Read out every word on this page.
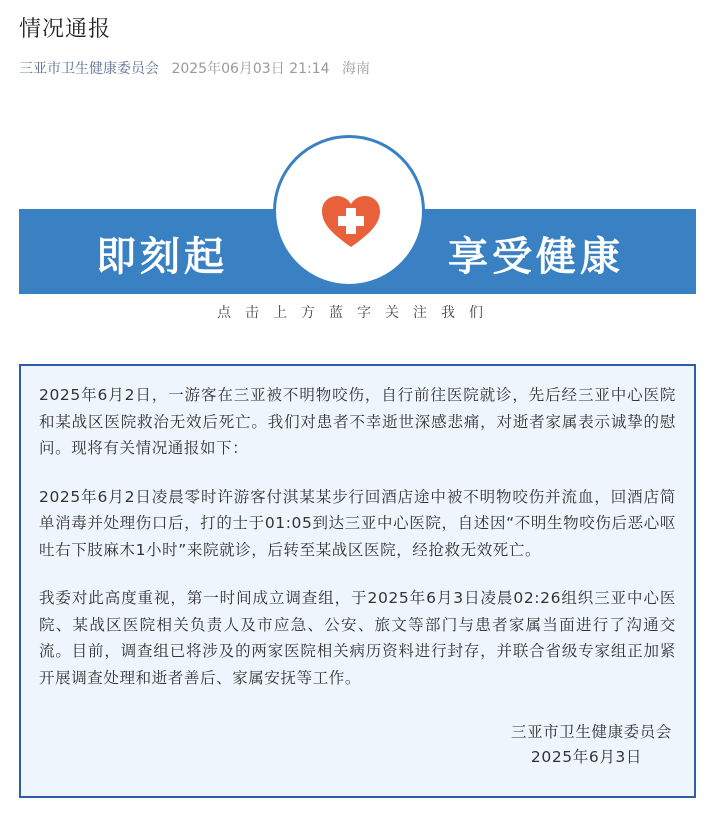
情况通报
三亚市卫生健康委员会 2025年06月03日 21:14 海南
即刻起	享受健康
点击上方蓝字关注我们

2025年6月2日，一游客在三亚被不明物咬伤，自行前往医院就诊，先后经三亚中心医院和某战区医院救治无效后死亡。我们对患者不幸逝世深感悲痛，对逝者家属表示诚挚的慰问。现将有关情况通报如下：

2025年6月2日凌晨零时许游客付淇某某步行回酒店途中被不明物咬伤并流血，回酒店简单消毒并处理伤口后，打的士于01:05到达三亚中心医院，自述因“不明生物咬伤后恶心呕吐右下肢麻木1小时”来院就诊，后转至某战区医院，经抢救无效死亡。

我委对此高度重视，第一时间成立调查组，于2025年6月3日凌晨02:26组织三亚中心医院、某战区医院相关负责人及市应急、公安、旅文等部门与患者家属当面进行了沟通交流。目前，调查组已将涉及的两家医院相关病历资料进行封存，并联合省级专家组正加紧开展调查处理和逝者善后、家属安抚等工作。

三亚市卫生健康委员会
2025年6月3日
